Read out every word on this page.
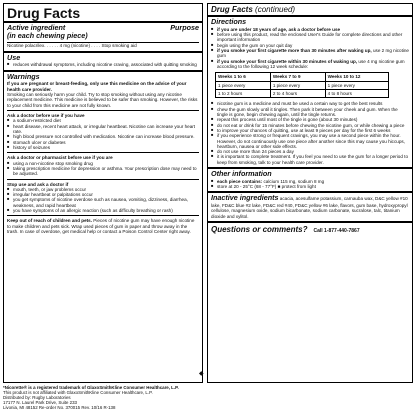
Drug Facts
Active ingredient	Purpose
(in each chewing piece)

Nicotine polacrilex. . . . . . 4 mg (nicotine) . . . . Stop smoking aid

Use
■ reduces withdrawal symptoms, including nicotine craving, associated with quitting smoking
Warnings

If you are pregnant or breast-feeding, only use this medicine on the advice of your health care provider.

Smoking can seriously harm your child. Try to stop smoking without using any nicotine replacement medicine. This medicine is believed to be safer than smoking. However, the risks to your child from this medicine are not fully known.

Ask a doctor before use if you have

■ a sodium-restricted diet
■ heart disease, recent heart attack, or irregular heartbeat. Nicotine can increase your heart rate.
■ high blood pressure not controlled with medication. Nicotine can increase blood pressure.
■ stomach ulcer or diabetes
■ history of seizures

Ask a doctor or pharmacist before use if you are

■ using a non-nicotine stop smoking drug
■ taking prescription medicine for depression or asthma. Your prescription dose may need to be adjusted.

Stop use and ask a doctor if

■ mouth, teeth, or jaw problems occur
■ irregular heartbeat or palpitations occur
■ you get symptoms of nicotine overdose such as nausea, vomiting, dizziness, diarrhea, weakness, and rapid heartbeat
■ you have symptoms of an allergic reaction (such as difficulty breathing or rash)

Keep out of reach of children and pets. Pieces of nicotine gum may have enough nicotine to make children and pets sick. Wrap used pieces of gum in paper and throw away in the trash. In case of overdose, get medical help or contact a Poison Control Center right away.

Drug Facts (continued)
Directions
■ if you are under 18 years of age, ask a doctor before use
■ before using this product, read the enclosed User's Guide for complete directions and other important information
■ begin using the gum on your quit day
■ if you smoke your first cigarette more than 30 minutes after waking up, use 2 mg nicotine gum
■ if you smoke your first cigarette within 30 minutes of waking up, use 4 mg nicotine gum according to the following 12 week schedule:
Weeks 1 to 6	Weeks 7 to 9	Weeks 10 to 12
1 piece every	1 piece every	1 piece every
1 to 2 hours	2 to 4 hours	4 to 8 hours
■ nicotine gum is a medicine and must be used a certain way to get the best results
■ chew the gum slowly until it tingles. Then park it between your cheek and gum. When the tingle is gone, begin chewing again, until the tingle returns.
■ repeat this process until most of the tingle is gone (about 30 minutes)
■ do not eat or drink for 15 minutes before chewing the nicotine gum, or while chewing a piece
■ to improve your chances of quitting, use at least 9 pieces per day for the first 6 weeks
■ if you experience strong or frequent cravings, you may use a second piece within the hour. However, do not continuously use one piece after another since this may cause you hiccups, heartburn, nausea or other side effects.
■ do not use more than 24 pieces a day
■ it is important to complete treatment. If you feel you need to use the gum for a longer period to keep from smoking, talk to your health care provider.
Other information
■ each piece contains: calcium 115 mg, sodium 8 mg
■ store at 20 - 25°C (68 - 77°F) ■ protect from light

Inactive ingredients acacia, acesulfame potassium, carnauba wax, D&C yellow #10 lake, FD&C blue #2 lake, FD&C red #40, FD&C yellow #6 lake, flavors, gum base, hydroxypropyl cellulose, magnesium oxide, sodium bicarbonate, sodium carbonate, sucralose, talc, titanium dioxide and xylitol.

Questions or comments? Call 1-877-440-7867
◆

*Nicorette® is a registered trademark of GlaxoSmithKline Consumer Healthcare, L.P.

This product is not affiliated with GlaxoSmithKline Consumer Healthcare, L.P.

Distributed by: Rugby Laboratories

17177 N. Laurel Park Drive, Suite 233

Livonia, MI 48152 Re-order No. 370015 Rev. 10/16 R-138
